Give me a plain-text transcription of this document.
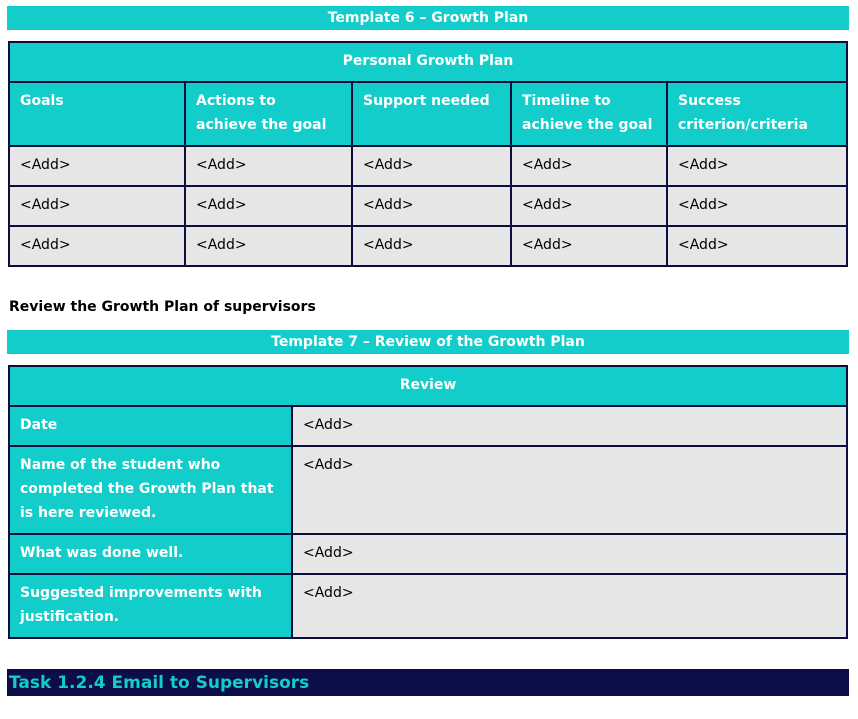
Template 6 – Growth Plan
Personal Growth Plan				
Goals	Actions to achieve the goal	Support needed	Timeline to achieve the goal	Success criterion/criteria
<Add>	<Add>	<Add>	<Add>	<Add>
<Add>	<Add>	<Add>	<Add>	<Add>
<Add>	<Add>	<Add>	<Add>	<Add>
Review the Growth Plan of supervisors
Template 7 – Review of the Growth Plan
Review	
Date	<Add>
Name of the student who completed the Growth Plan that is here reviewed.	<Add>
What was done well.	<Add>
Suggested improvements with justification.	<Add>
Task 1.2.4 Email to Supervisors
